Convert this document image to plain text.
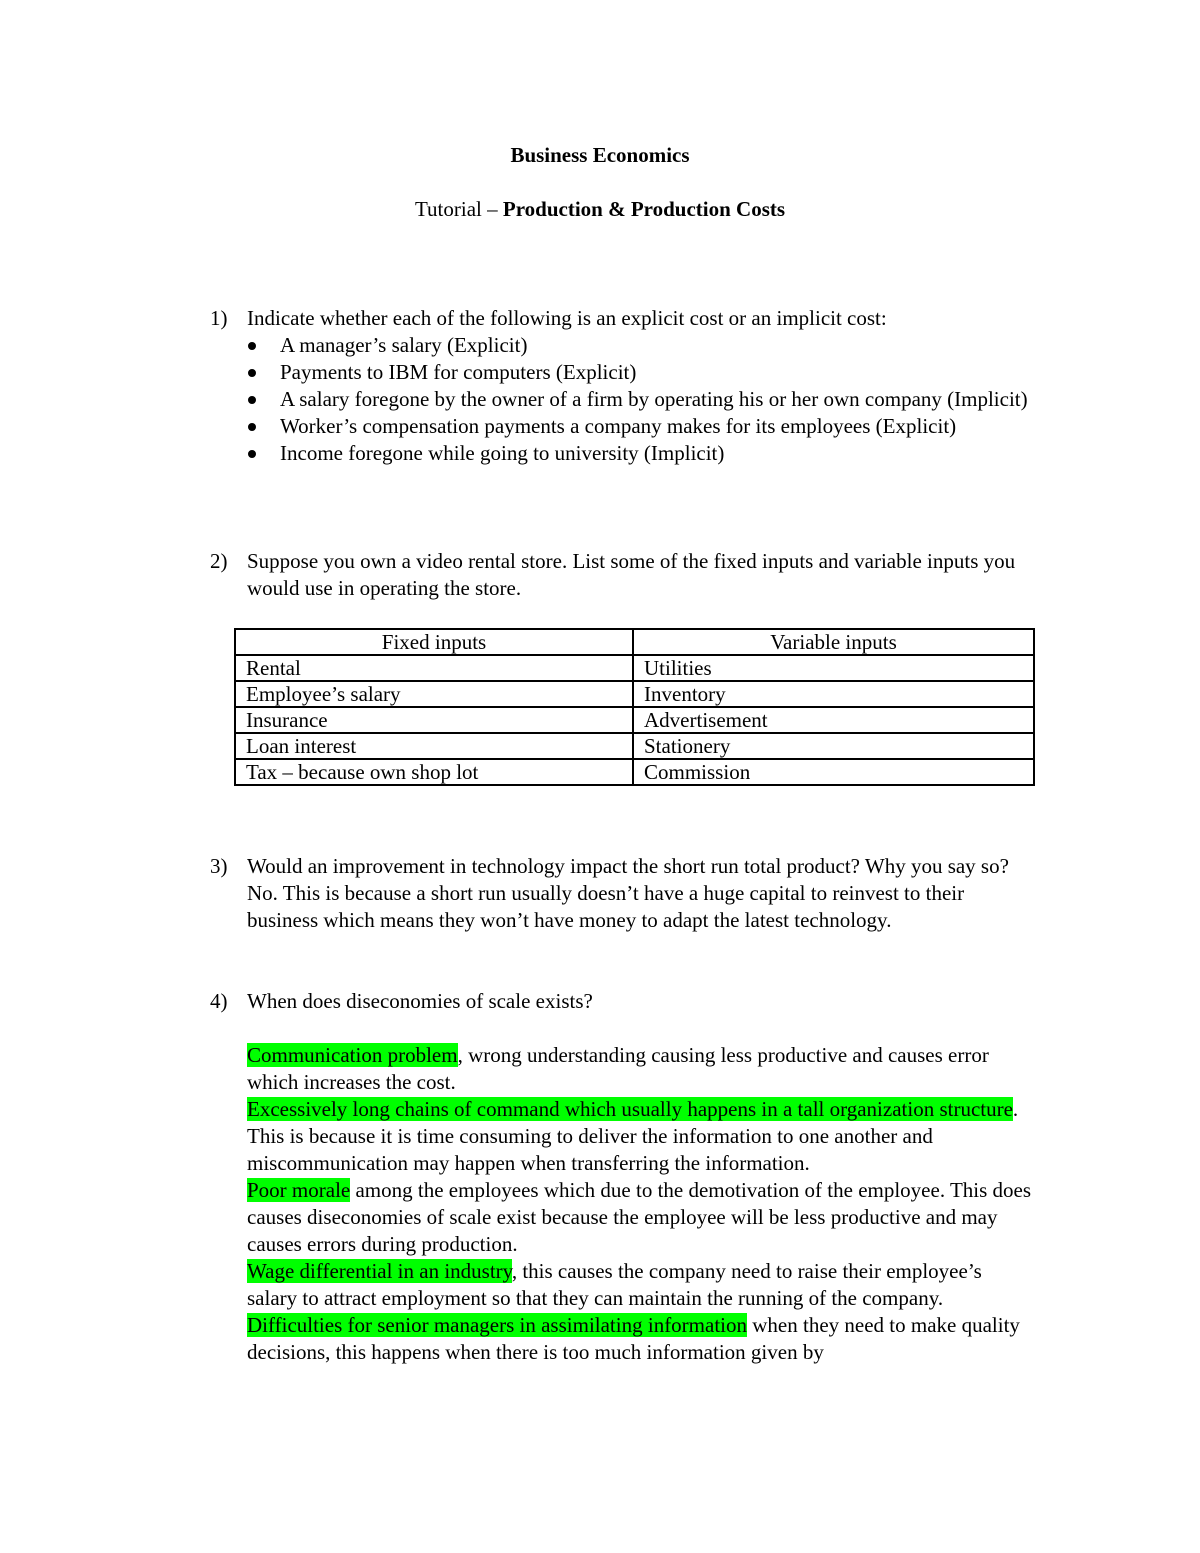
Business Economics
Tutorial – Production & Production Costs
1) Indicate whether each of the following is an explicit cost or an implicit cost:
A manager’s salary (Explicit)
Payments to IBM for computers (Explicit)
A salary foregone by the owner of a firm by operating his or her own company (Implicit)
Worker’s compensation payments a company makes for its employees (Explicit)
Income foregone while going to university (Implicit)
2) Suppose you own a video rental store. List some of the fixed inputs and variable inputs you would use in operating the store.
Fixed inputs	Variable inputs
Rental	Utilities
Employee’s salary	Inventory
Insurance	Advertisement
Loan interest	Stationery
Tax – because own shop lot	Commission
3) Would an improvement in technology impact the short run total product? Why you say so?
No. This is because a short run usually doesn’t have a huge capital to reinvest to their business which means they won’t have money to adapt the latest technology.
4) When does diseconomies of scale exists?
Communication problem, wrong understanding causing less productive and causes error which increases the cost.
Excessively long chains of command which usually happens in a tall organization structure. This is because it is time consuming to deliver the information to one another and miscommunication may happen when transferring the information.
Poor morale among the employees which due to the demotivation of the employee. This does causes diseconomies of scale exist because the employee will be less productive and may causes errors during production.
Wage differential in an industry, this causes the company need to raise their employee’s salary to attract employment so that they can maintain the running of the company.
Difficulties for senior managers in assimilating information when they need to make quality decisions, this happens when there is too much information given by
